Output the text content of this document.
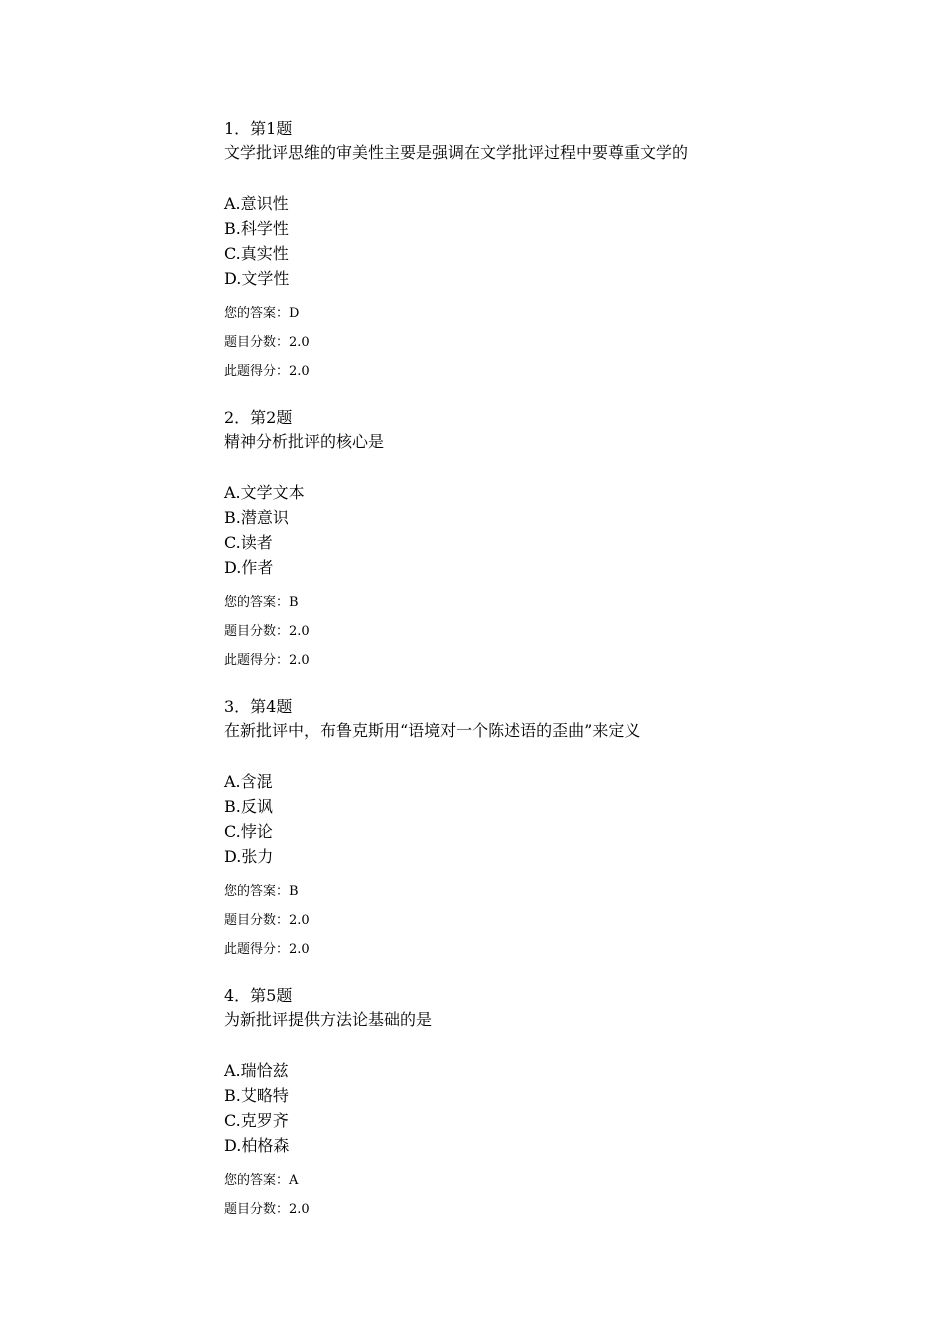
1．第1题
文学批评思维的审美性主要是强调在文学批评过程中要尊重文学的
A.意识性
B.科学性
C.真实性
D.文学性
您的答案：D
题目分数：2.0
此题得分：2.0
2．第2题
精神分析批评的核心是
A.文学文本
B.潜意识
C.读者
D.作者
您的答案：B
题目分数：2.0
此题得分：2.0
3．第4题
在新批评中，布鲁克斯用“语境对一个陈述语的歪曲”来定义
A.含混
B.反讽
C.悖论
D.张力
您的答案：B
题目分数：2.0
此题得分：2.0
4．第5题
为新批评提供方法论基础的是
A.瑞恰兹
B.艾略特
C.克罗齐
D.柏格森
您的答案：A
题目分数：2.0
